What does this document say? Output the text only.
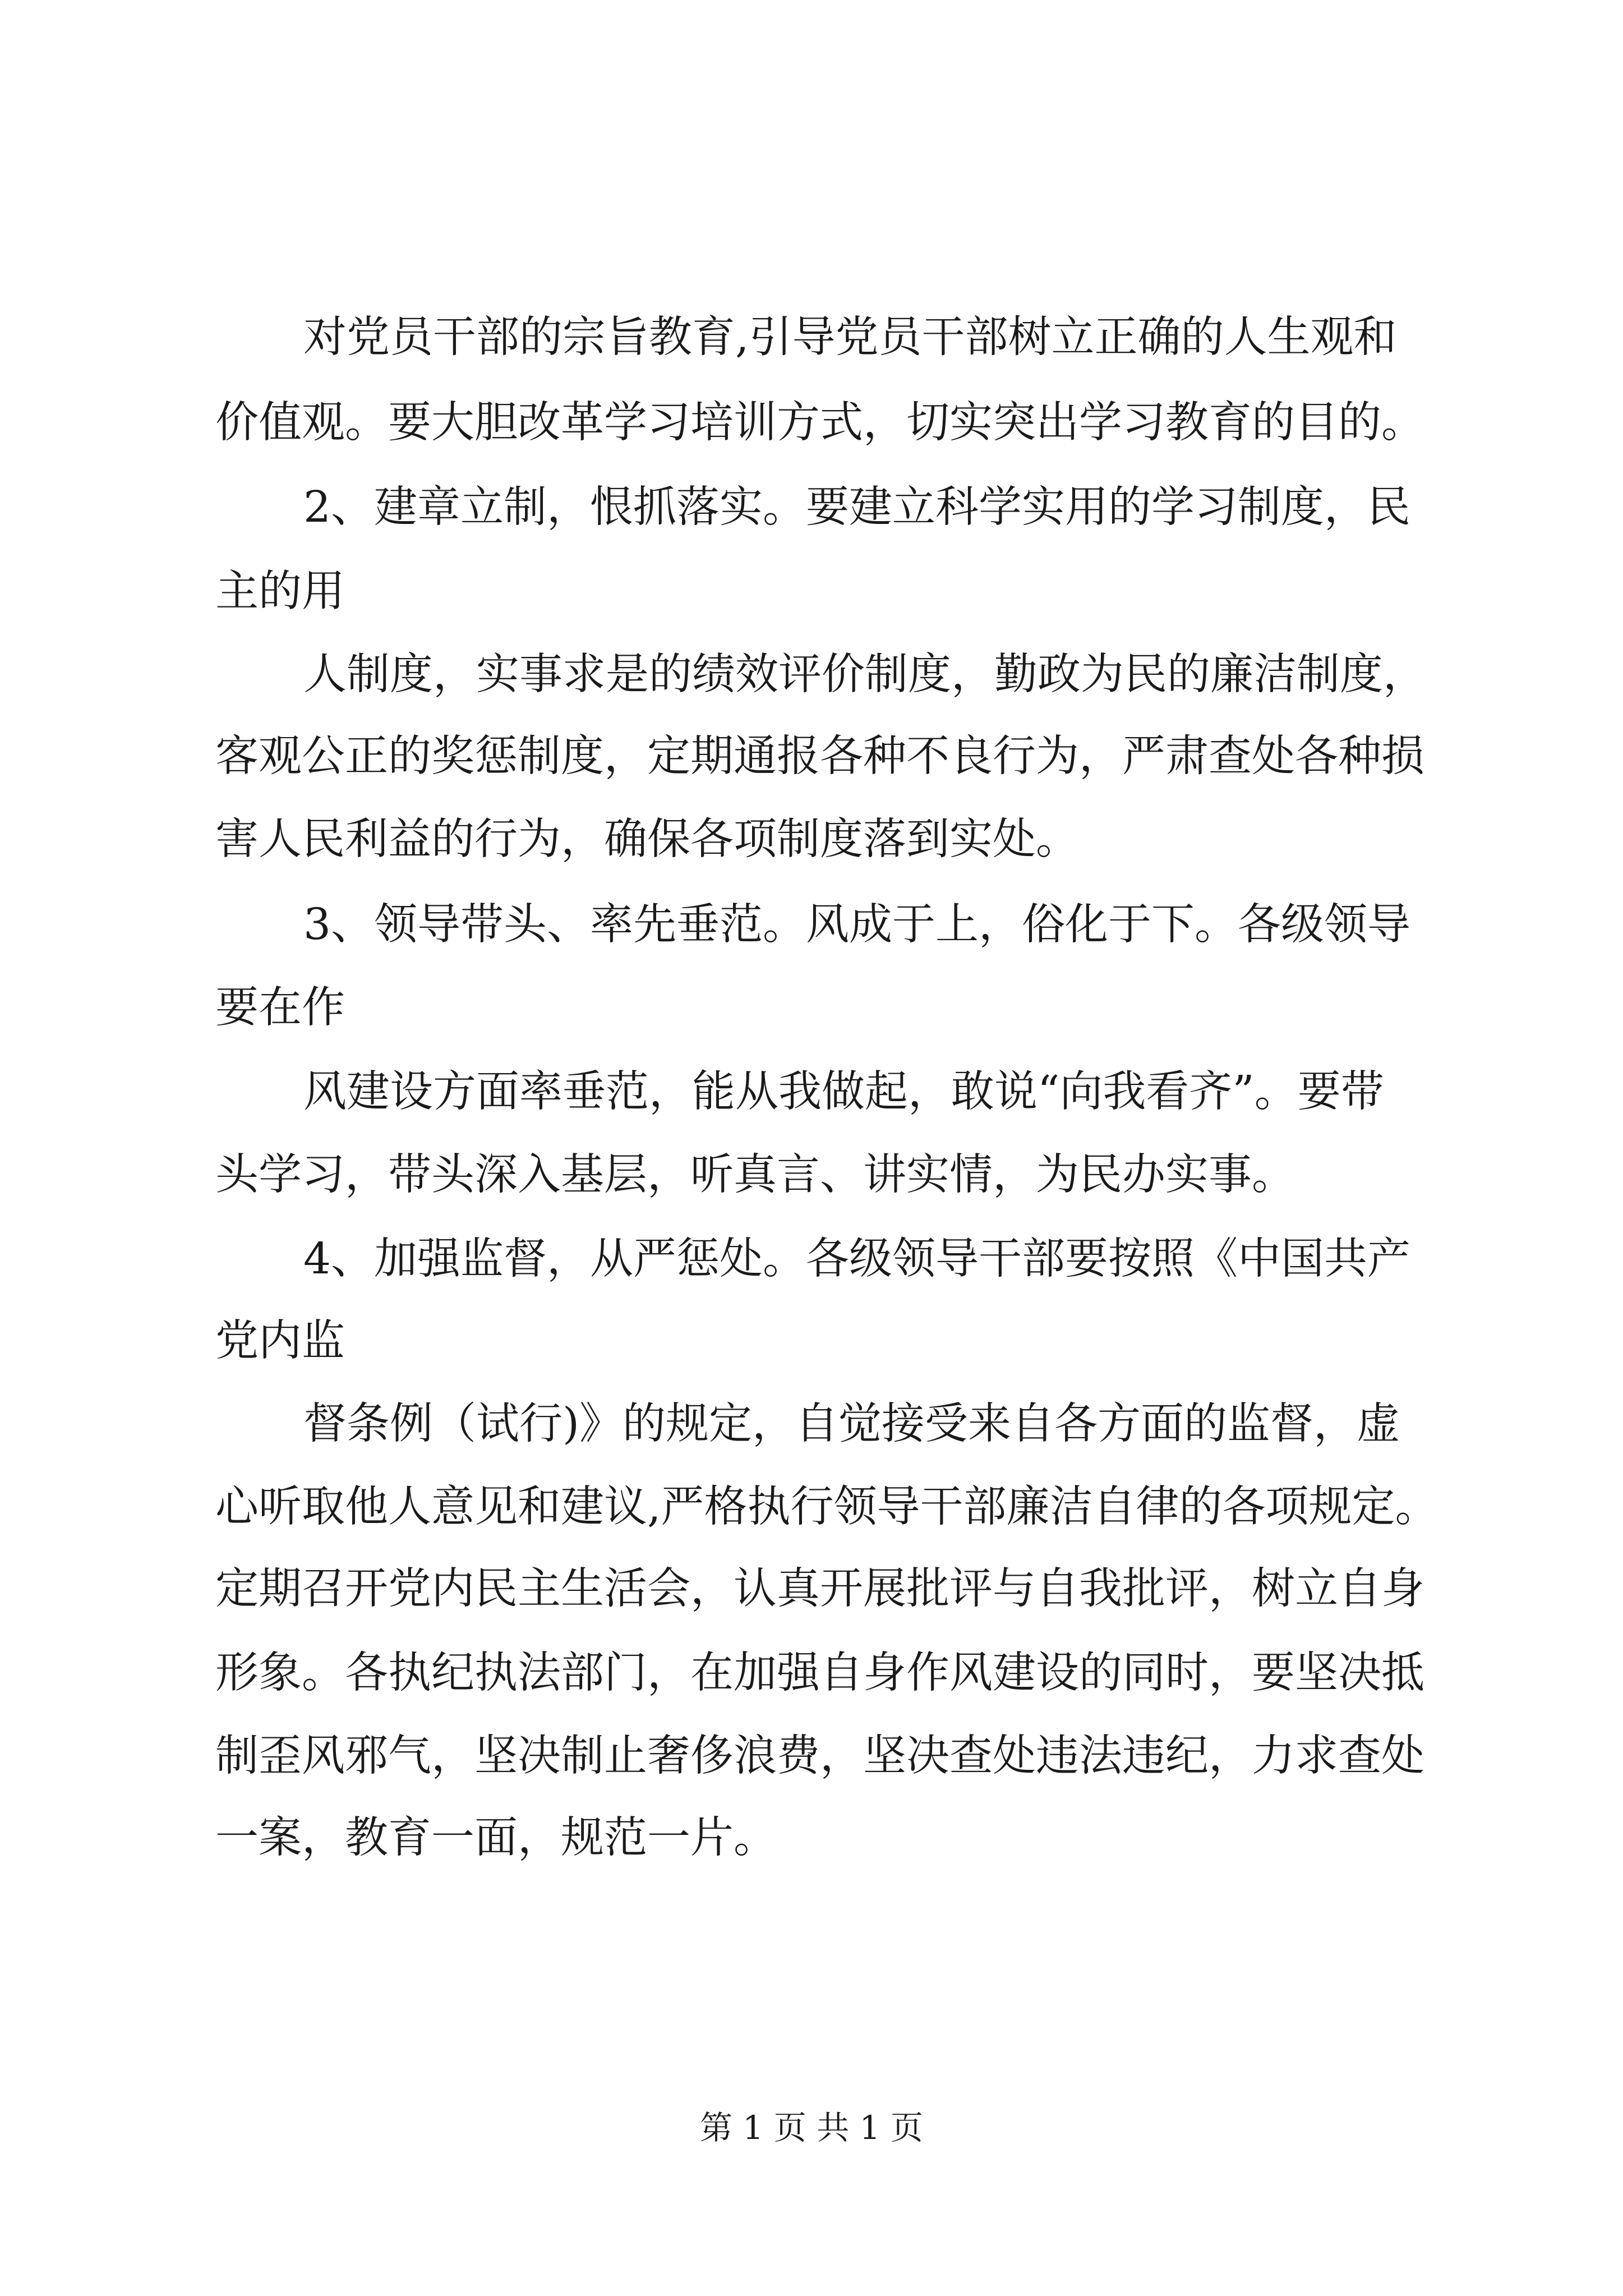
对党员干部的宗旨教育,引导党员干部树立正确的人生观和

价值观。要大胆改革学习培训方式，切实突出学习教育的目的。

2、建章立制，恨抓落实。要建立科学实用的学习制度，民

主的用

人制度，实事求是的绩效评价制度，勤政为民的廉洁制度，

客观公正的奖惩制度，定期通报各种不良行为，严肃查处各种损

害人民利益的行为，确保各项制度落到实处。

3、领导带头、率先垂范。风成于上，俗化于下。各级领导

要在作

风建设方面率垂范，能从我做起，敢说“向我看齐”。要带

头学习，带头深入基层，听真言、讲实情，为民办实事。

4、加强监督，从严惩处。各级领导干部要按照《中国共产

党内监

督条例（试行)》的规定，自觉接受来自各方面的监督，虚

心听取他人意见和建议,严格执行领导干部廉洁自律的各项规定。

定期召开党内民主生活会，认真开展批评与自我批评，树立自身

形象。各执纪执法部门，在加强自身作风建设的同时，要坚决抵

制歪风邪气，坚决制止奢侈浪费，坚决查处违法违纪，力求查处

一案，教育一面，规范一片。

第 1 页 共 1 页
